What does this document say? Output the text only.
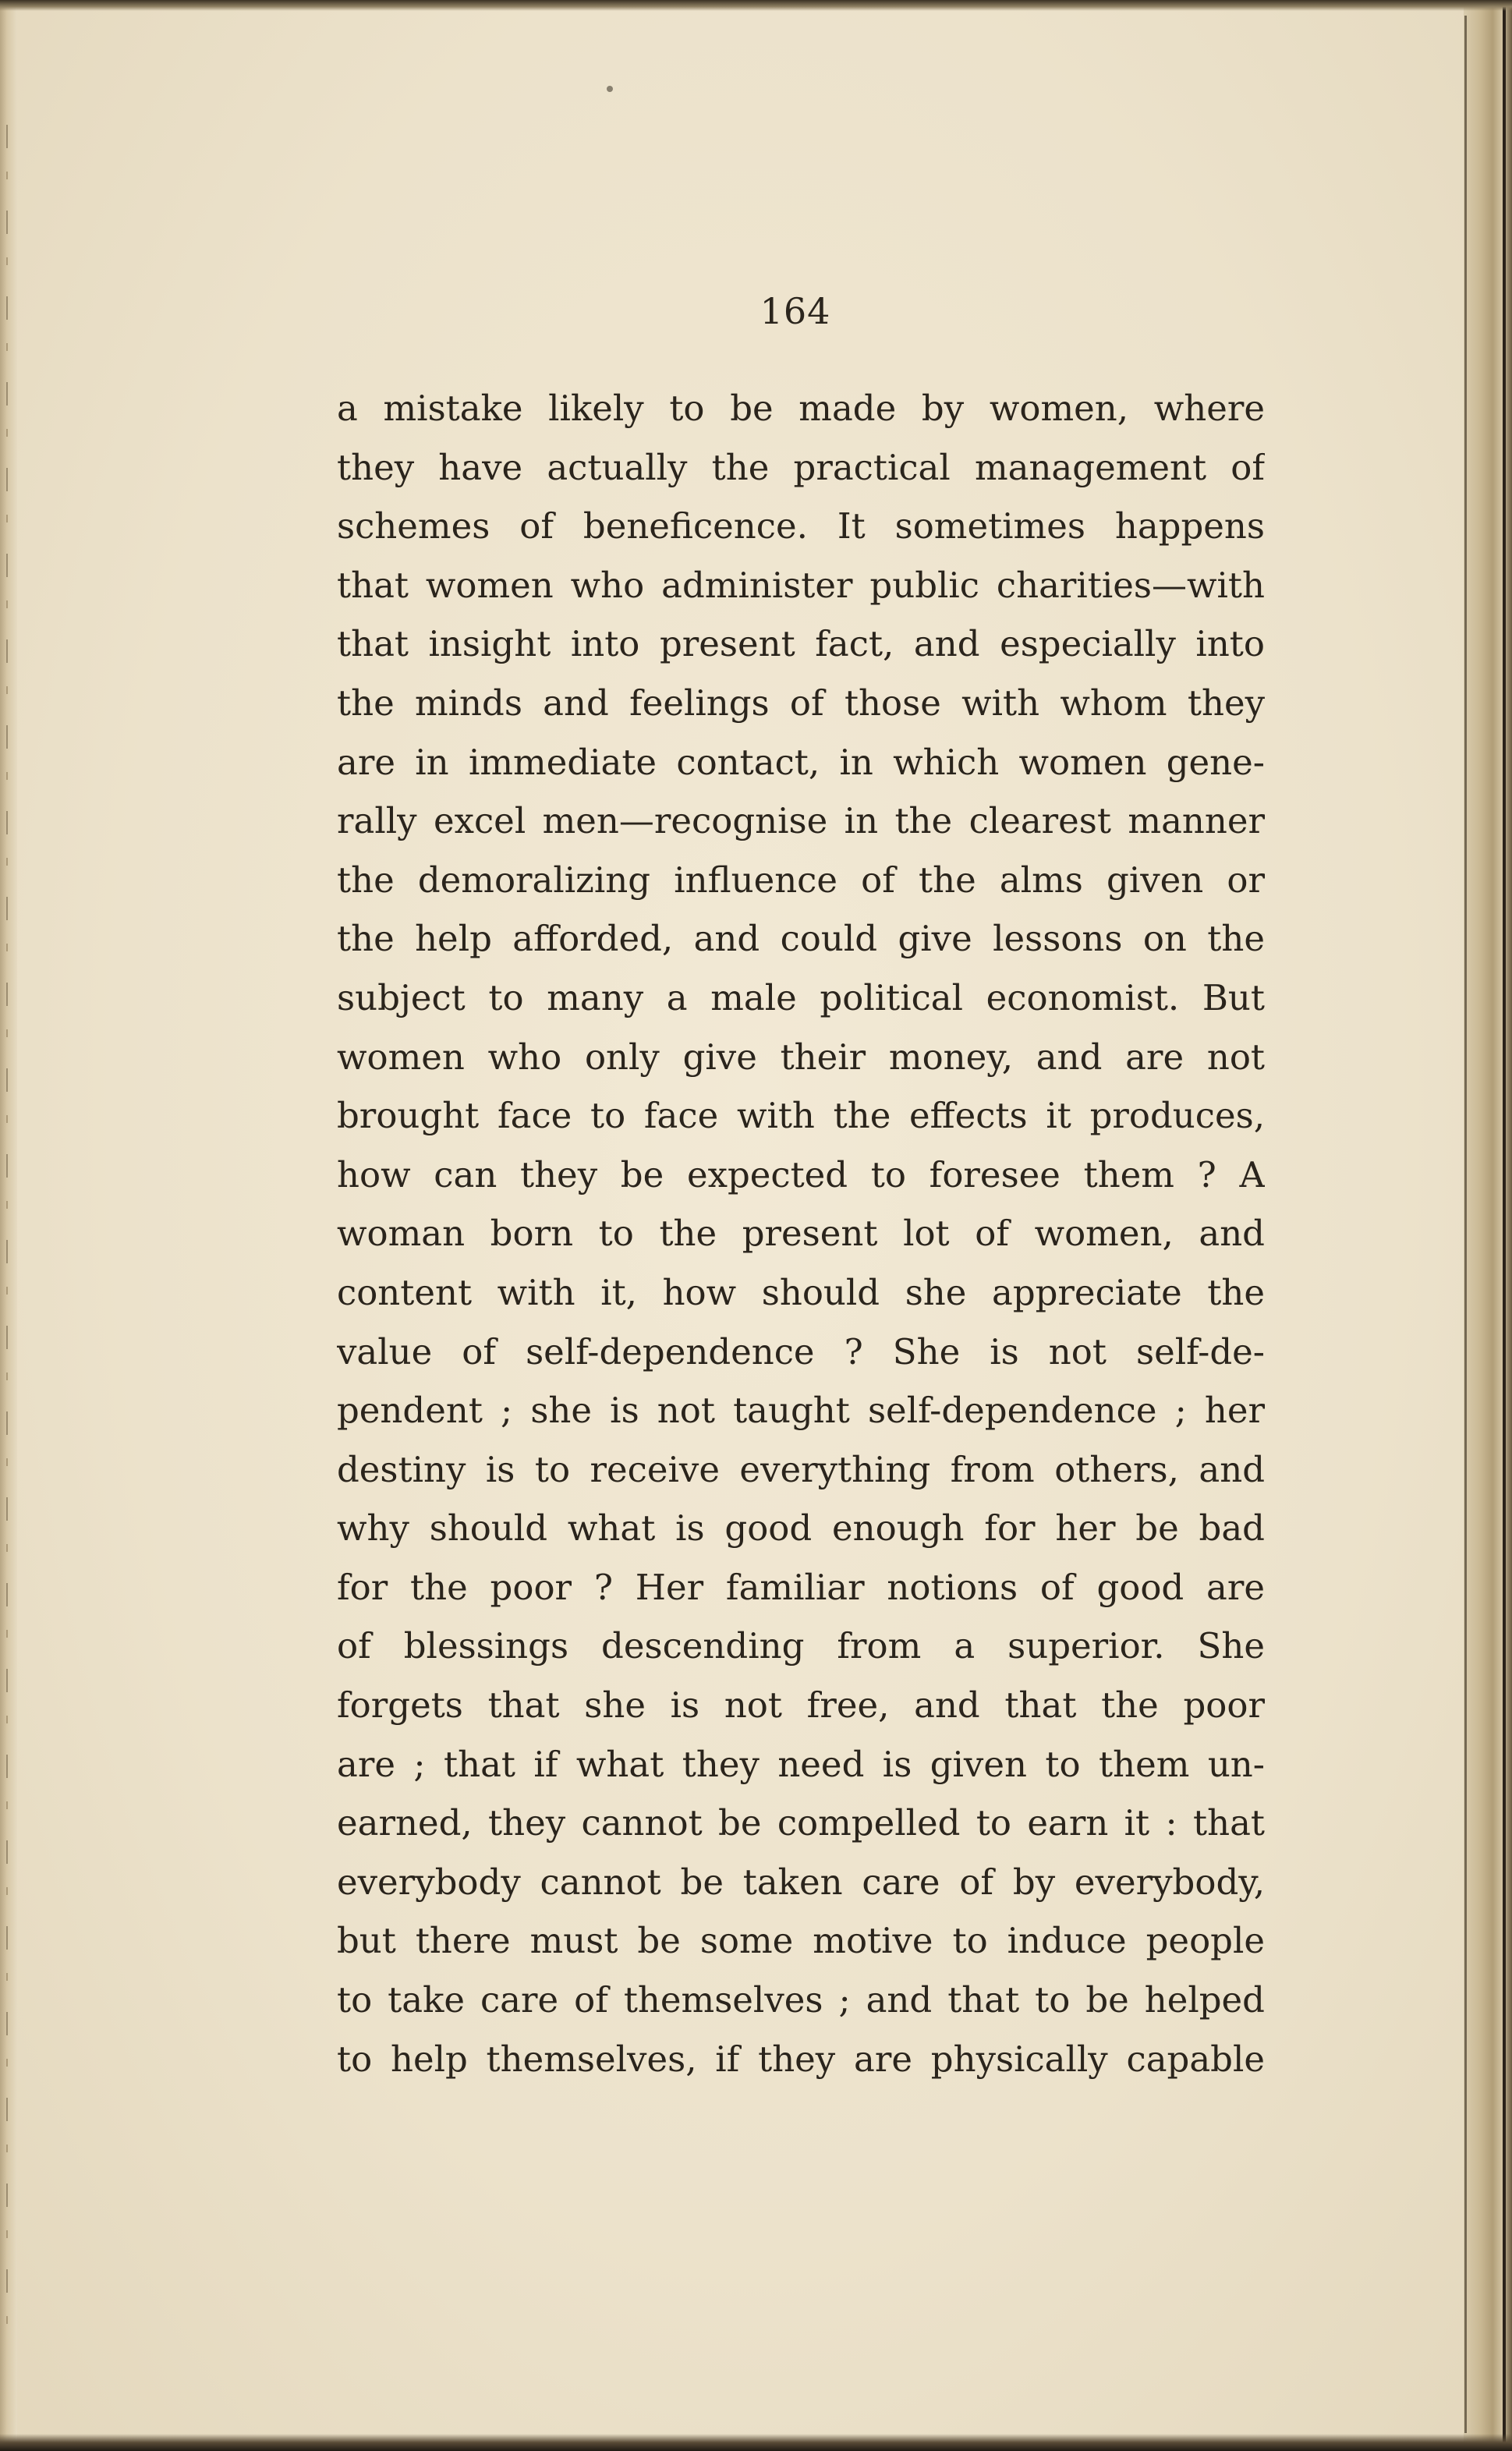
164
a mistake likely to be made by women, where
they have actually the practical management of
schemes of beneficence. It sometimes happens
that women who administer public charities—with
that insight into present fact, and especially into
the minds and feelings of those with whom they
are in immediate contact, in which women gene-
rally excel men—recognise in the clearest manner
the demoralizing influence of the alms given or
the help afforded, and could give lessons on the
subject to many a male political economist. But
women who only give their money, and are not
brought face to face with the effects it produces,
how can they be expected to foresee them ? A
woman born to the present lot of women, and
content with it, how should she appreciate the
value of self-dependence ? She is not self-de-
pendent ; she is not taught self-dependence ; her
destiny is to receive everything from others, and
why should what is good enough for her be bad
for the poor ? Her familiar notions of good are
of blessings descending from a superior. She
forgets that she is not free, and that the poor
are ; that if what they need is given to them un-
earned, they cannot be compelled to earn it : that
everybody cannot be taken care of by everybody,
but there must be some motive to induce people
to take care of themselves ; and that to be helped
to help themselves, if they are physically capable
